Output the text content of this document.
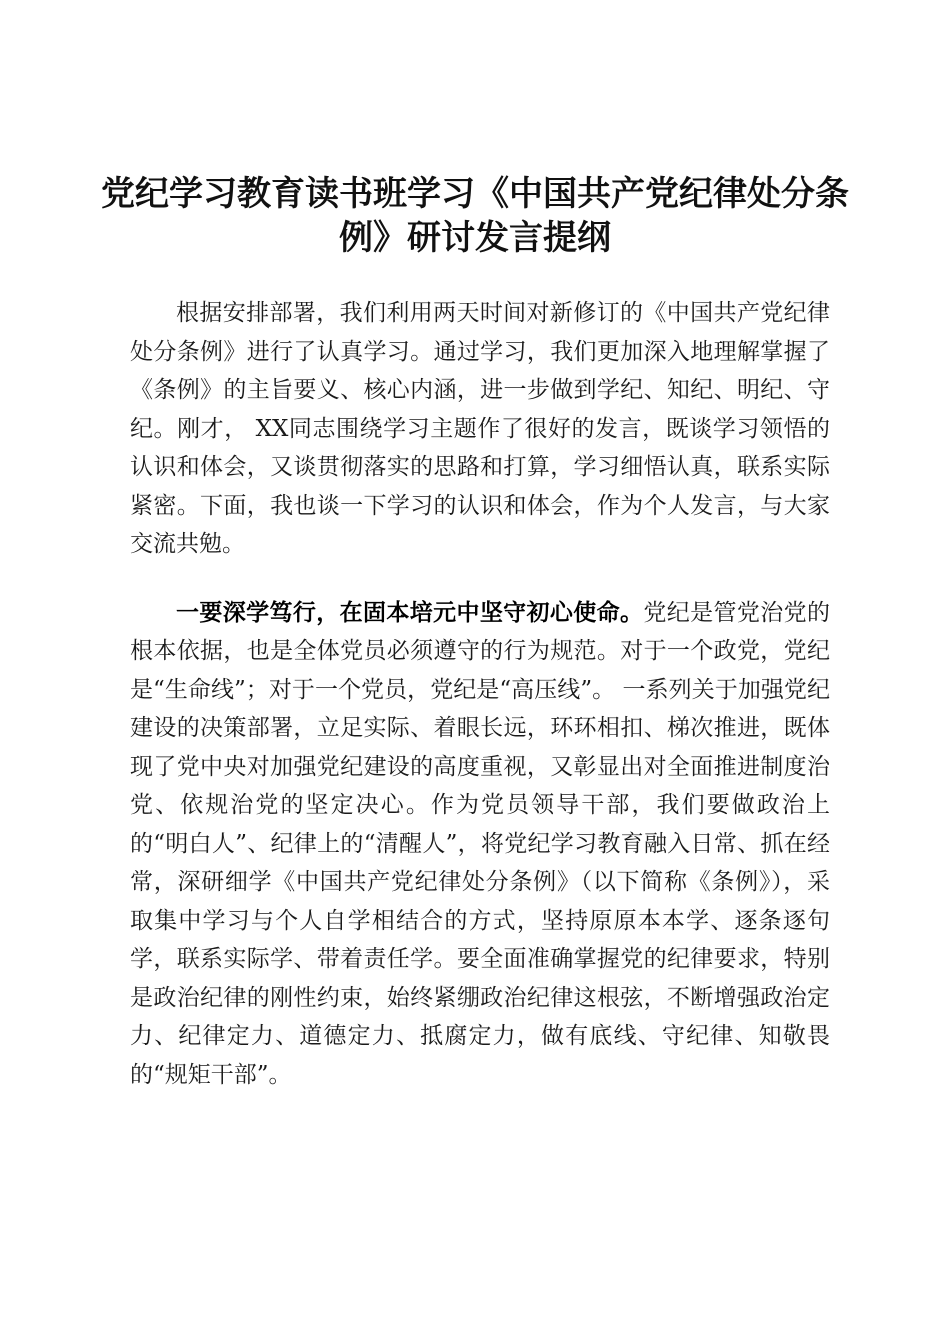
党纪学习教育读书班学习《中国共产党纪律处分条例》研讨发言提纲

根据安排部署，我们利用两天时间对新修订的《中国共产党纪律处分条例》进行了认真学习。通过学习，我们更加深入地理解掌握了《条例》的主旨要义、核心内涵，进一步做到学纪、知纪、明纪、守纪。刚才， XX同志围绕学习主题作了很好的发言，既谈学习领悟的认识和体会，又谈贯彻落实的思路和打算，学习细悟认真，联系实际紧密。下面，我也谈一下学习的认识和体会，作为个人发言，与大家交流共勉。

一要深学笃行，在固本培元中坚守初心使命。党纪是管党治党的根本依据，也是全体党员必须遵守的行为规范。对于一个政党，党纪是“生命线”；对于一个党员，党纪是“高压线”。 一系列关于加强党纪建设的决策部署，立足实际、着眼长远，环环相扣、梯次推进，既体现了党中央对加强党纪建设的高度重视，又彰显出对全面推进制度治党、依规治党的坚定决心。作为党员领导干部，我们要做政治上的“明白人”、纪律上的“清醒人”，将党纪学习教育融入日常、抓在经常，深研细学《中国共产党纪律处分条例》（以下简称《条例》），采取集中学习与个人自学相结合的方式，坚持原原本本学、逐条逐句学，联系实际学、带着责任学。要全面准确掌握党的纪律要求，特别是政治纪律的刚性约束，始终紧绷政治纪律这根弦，不断增强政治定力、纪律定力、道德定力、抵腐定力，做有底线、守纪律、知敬畏的“规矩干部”。
